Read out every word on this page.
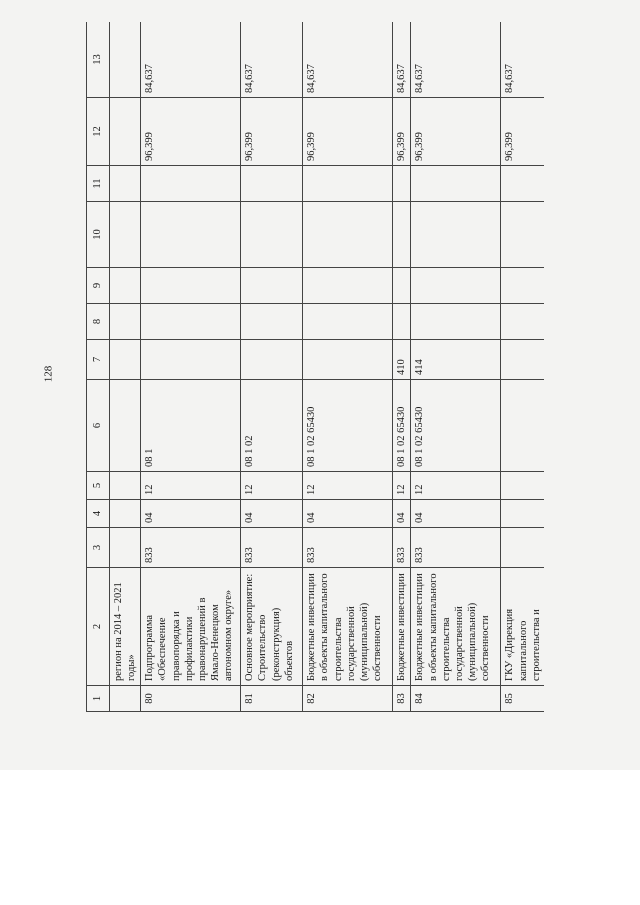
128
1	2	3	4	5	6	7	8	9	10	11	12	13
	регион на 2014 – 2021 годы»											
80	Подпрограмма «Обеспечение правопорядка и профилактики правонарушений в Ямало-Ненецком автономном округе»	833	04	12	08 1						96,399	84,637
81	Основное мероприятие: Строительство (реконструкция) объектов	833	04	12	08 1 02						96,399	84,637
82	Бюджетные инвестиции в объекты капитального строительства государственной (муниципальной) собственности	833	04	12	08 1 02 65430						96,399	84,637
83	Бюджетные инвестиции	833	04	12	08 1 02 65430	410					96,399	84,637
84	Бюджетные инвестиции в объекты капитального строительства государственной (муниципальной) собственности	833	04	12	08 1 02 65430	414					96,399	84,637
85	ГКУ «Дирекция капитального строительства и										96,399	84,637
